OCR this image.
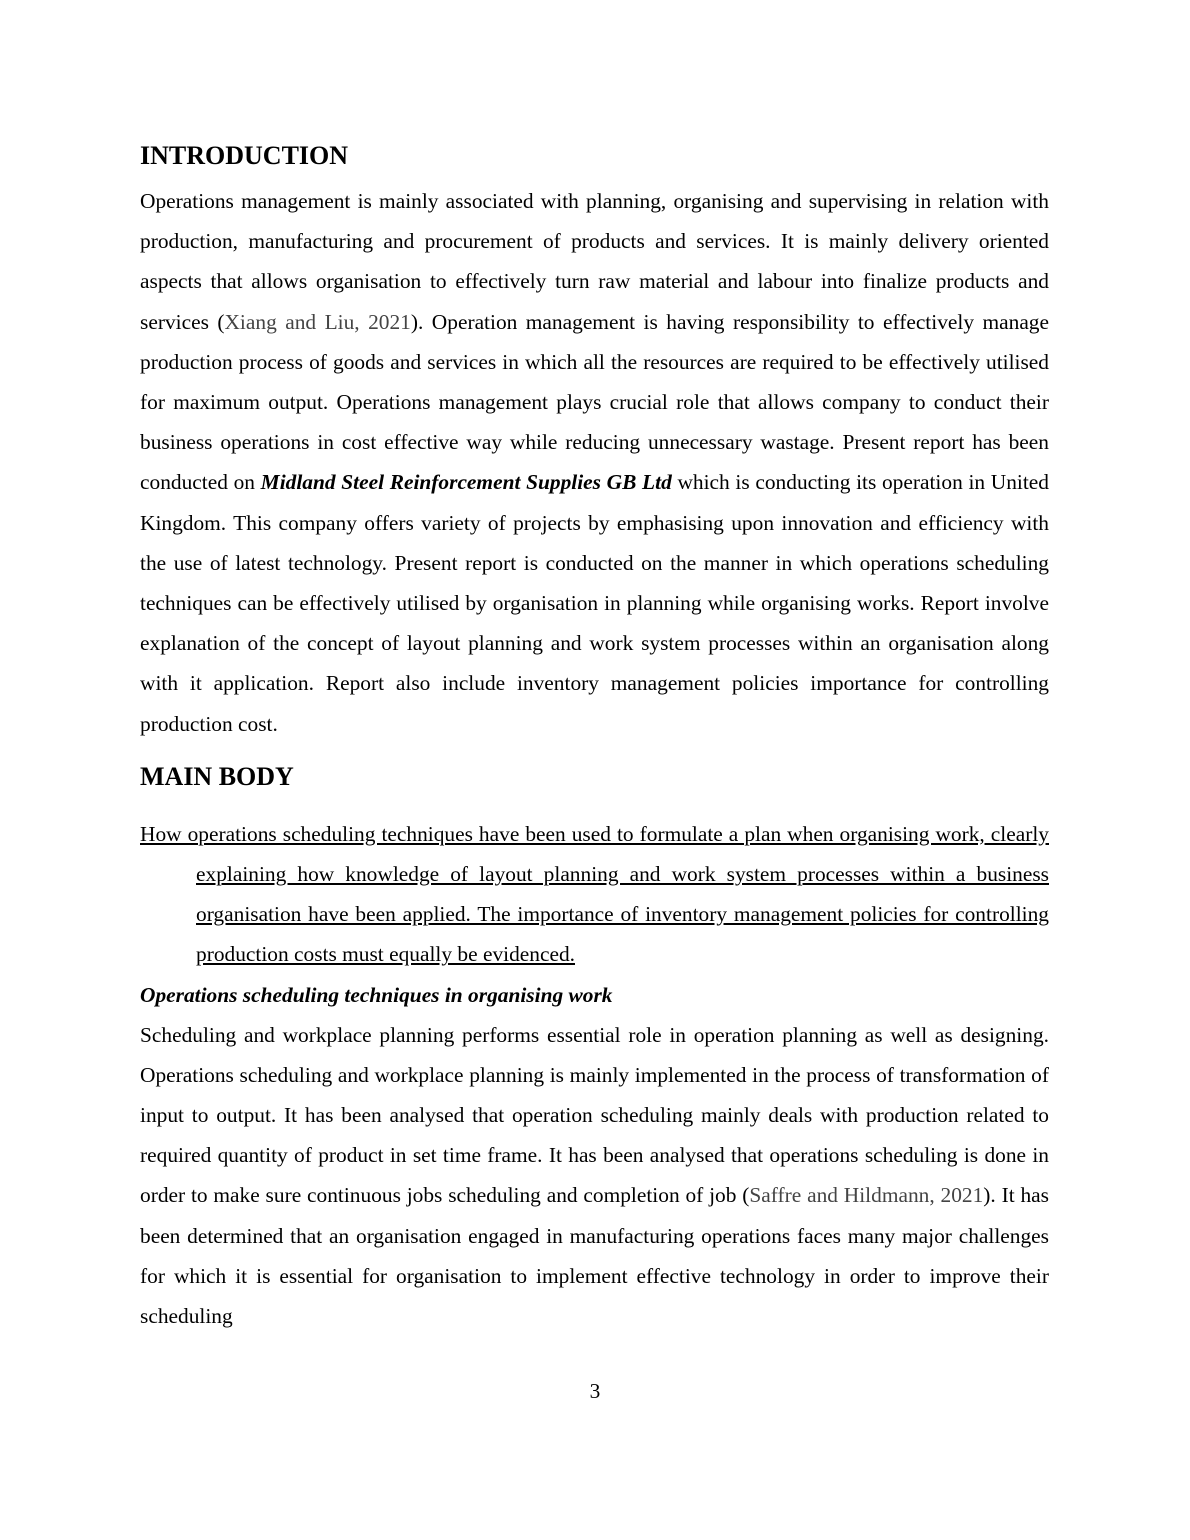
INTRODUCTION

Operations management is mainly associated with planning, organising and supervising in relation with production, manufacturing and procurement of products and services. It is mainly delivery oriented aspects that allows organisation to effectively turn raw material and labour into finalize products and services (Xiang and Liu, 2021). Operation management is having responsibility to effectively manage production process of goods and services in which all the resources are required to be effectively utilised for maximum output. Operations management plays crucial role that allows company to conduct their business operations in cost effective way while reducing unnecessary wastage. Present report has been conducted on Midland Steel Reinforcement Supplies GB Ltd which is conducting its operation in United Kingdom. This company offers variety of projects by emphasising upon innovation and efficiency with the use of latest technology. Present report is conducted on the manner in which operations scheduling techniques can be effectively utilised by organisation in planning while organising works. Report involve explanation of the concept of layout planning and work system processes within an organisation along with it application. Report also include inventory management policies importance for controlling production cost.

MAIN BODY

How operations scheduling techniques have been used to formulate a plan when organising work, clearly explaining how knowledge of layout planning and work system processes within a business organisation have been applied. The importance of inventory management policies for controlling production costs must equally be evidenced.

Operations scheduling techniques in organising work

Scheduling and workplace planning performs essential role in operation planning as well as designing. Operations scheduling and workplace planning is mainly implemented in the process of transformation of input to output. It has been analysed that operation scheduling mainly deals with production related to required quantity of product in set time frame. It has been analysed that operations scheduling is done in order to make sure continuous jobs scheduling and completion of job (Saffre and Hildmann, 2021). It has been determined that an organisation engaged in manufacturing operations faces many major challenges for which it is essential for organisation to implement effective technology in order to improve their scheduling

3
